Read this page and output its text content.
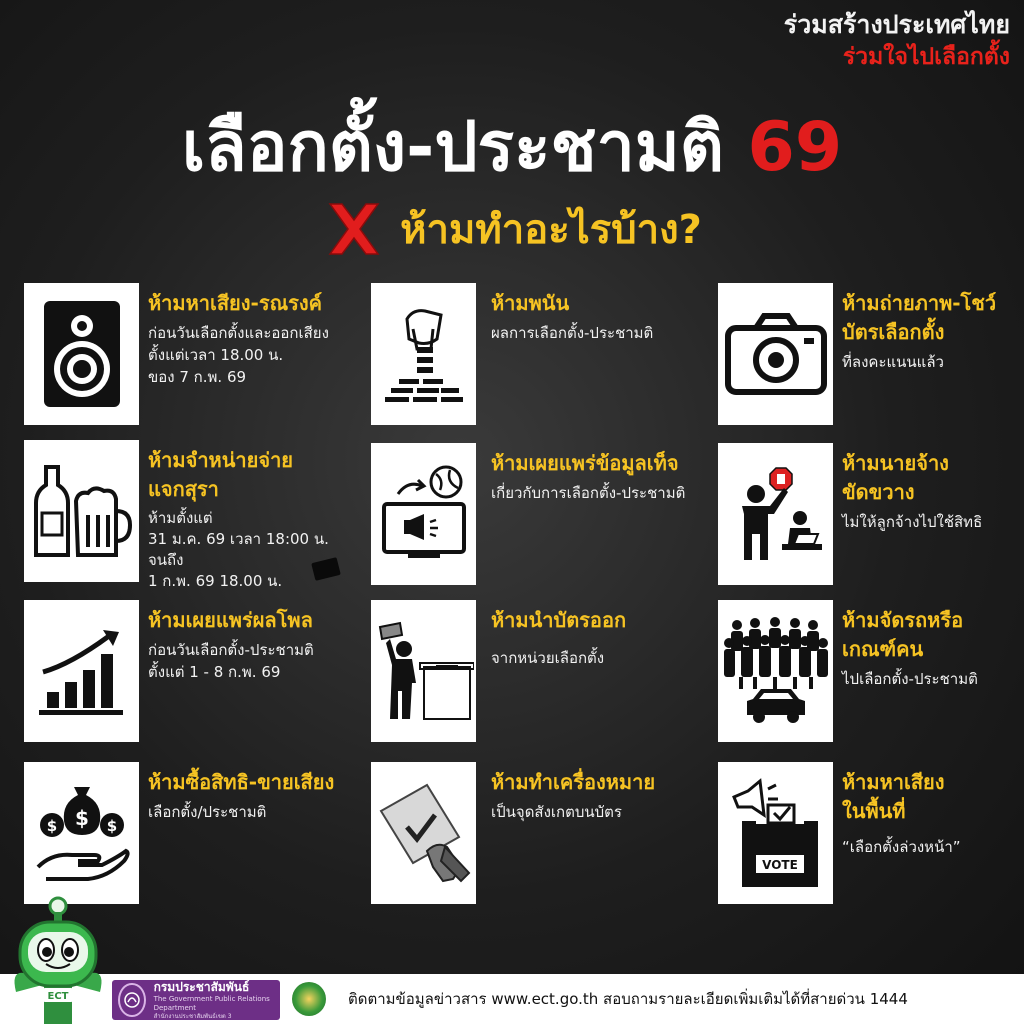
ร่วมสร้างประเทศไทย
ร่วมใจไปเลือกตั้ง
เลือกตั้ง-ประชามติ 69
ห้ามทำอะไรบ้าง?
ห้ามหาเสียง-รณรงค์

ก่อนวันเลือกตั้งและออกเสียง
ตั้งแต่เวลา 18.00 น.
ของ 7 ก.พ. 69

ห้ามพนัน

ผลการเลือกตั้ง-ประชามติ

ห้ามถ่ายภาพ-โชว์
บัตรเลือกตั้ง

ที่ลงคะแนนแล้ว

ห้ามจำหน่ายจ่าย
แจกสุรา

ห้ามตั้งแต่
31 ม.ค. 69 เวลา 18:00 น.
จนถึง
1 ก.พ. 69 18.00 น.

ห้ามเผยแพร่ข้อมูลเท็จ

เกี่ยวกับการเลือกตั้ง-ประชามติ

ห้ามนายจ้าง
ขัดขวาง

ไม่ให้ลูกจ้างไปใช้สิทธิ

ห้ามเผยแพร่ผลโพล

ก่อนวันเลือกตั้ง-ประชามติ
ตั้งแต่ 1 - 8 ก.พ. 69

ห้ามนำบัตรออก

จากหน่วยเลือกตั้ง

ห้ามจัดรถหรือ
เกณฑ์คน

ไปเลือกตั้ง-ประชามติ

$
$	$
ห้ามซื้อสิทธิ-ขายเสียง

เลือกตั้ง/ประชามติ

ห้ามทำเครื่องหมาย

เป็นจุดสังเกตบนบัตร

VOTE
ห้ามหาเสียง
ในพื้นที่

“เลือกตั้งล่วงหน้า”

กรมประชาสัมพันธ์
The Government Public Relations Department
สำนักงานประชาสัมพันธ์เขต 3
ติดตามข้อมูลข่าวสาร www.ect.go.th สอบถามรายละเอียดเพิ่มเติมได้ที่สายด่วน 1444
ECT
